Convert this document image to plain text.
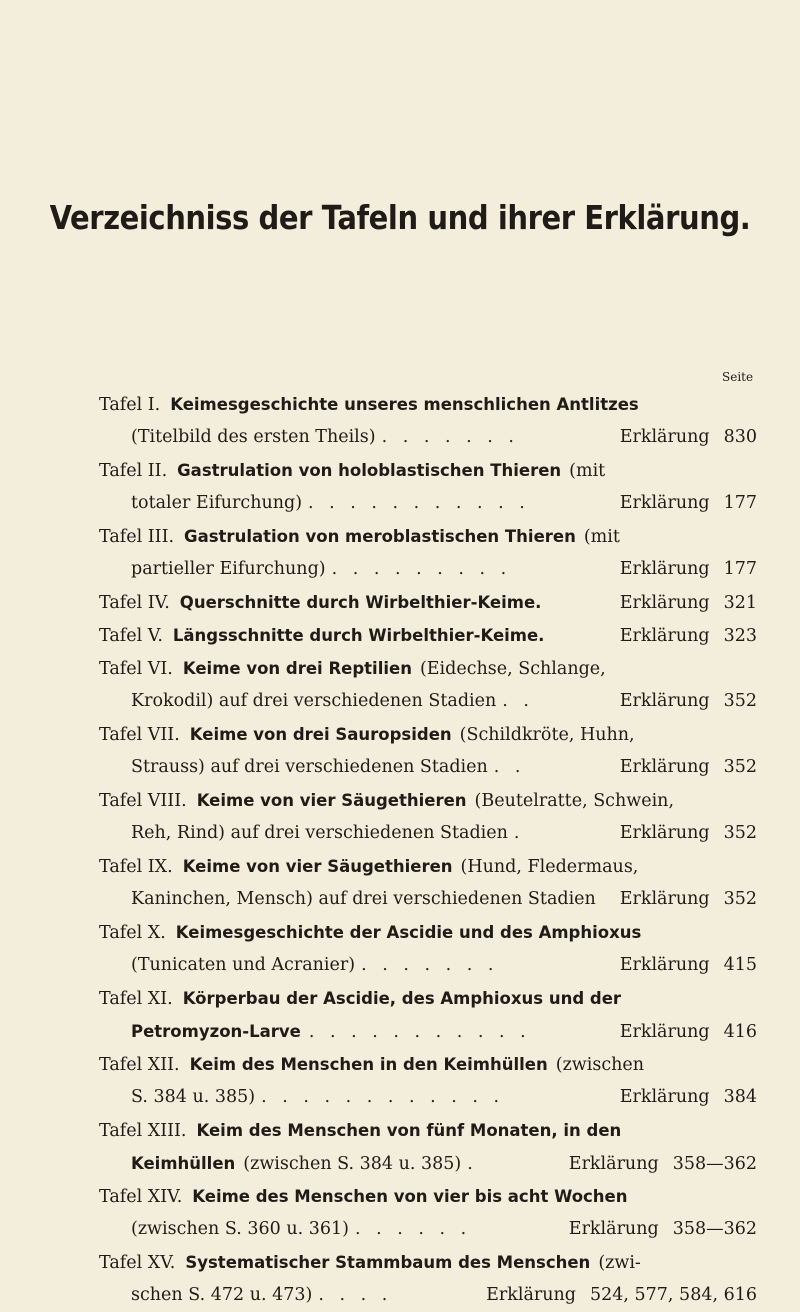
Verzeichniss der Tafeln und ihrer Erklärung.
Seite
Tafel I. Keimesgeschichte unseres menschlichen Antlitzes
(Titelbild des ersten Theils) . . . . . . .	Erklärung 830
Tafel II. Gastrulation von holoblastischen Thieren (mit
totaler Eifurchung) . . . . . . . . . . .	Erklärung 177
Tafel III. Gastrulation von meroblastischen Thieren (mit
partieller Eifurchung) . . . . . . . . .	Erklärung 177
Tafel IV. Querschnitte durch Wirbelthier-Keime.	Erklärung 321
Tafel V. Längsschnitte durch Wirbelthier-Keime.	Erklärung 323
Tafel VI. Keime von drei Reptilien (Eidechse, Schlange,
Krokodil) auf drei verschiedenen Stadien . .	Erklärung 352
Tafel VII. Keime von drei Sauropsiden (Schildkröte, Huhn,
Strauss) auf drei verschiedenen Stadien . .	Erklärung 352
Tafel VIII. Keime von vier Säugethieren (Beutelratte, Schwein,
Reh, Rind) auf drei verschiedenen Stadien .	Erklärung 352
Tafel IX. Keime von vier Säugethieren (Hund, Fledermaus,
Kaninchen, Mensch) auf drei verschiedenen Stadien Erklärung 352
Tafel X. Keimesgeschichte der Ascidie und des Amphioxus
(Tunicaten und Acranier) . . . . . . .	Erklärung 415
Tafel XI. Körperbau der Ascidie, des Amphioxus und der
Petromyzon-Larve . . . . . . . . . . .	Erklärung 416
Tafel XII. Keim des Menschen in den Keimhüllen (zwischen
S. 384 u. 385) . . . . . . . . . . . .	Erklärung 384
Tafel XIII. Keim des Menschen von fünf Monaten, in den
Keimhüllen (zwischen S. 384 u. 385) .	Erklärung 358—362
Tafel XIV. Keime des Menschen von vier bis acht Wochen
(zwischen S. 360 u. 361) . . . . . .	Erklärung 358—362
Tafel XV. Systematischer Stammbaum des Menschen (zwi-
schen S. 472 u. 473) . . . .	Erklärung 524, 577, 584, 616
